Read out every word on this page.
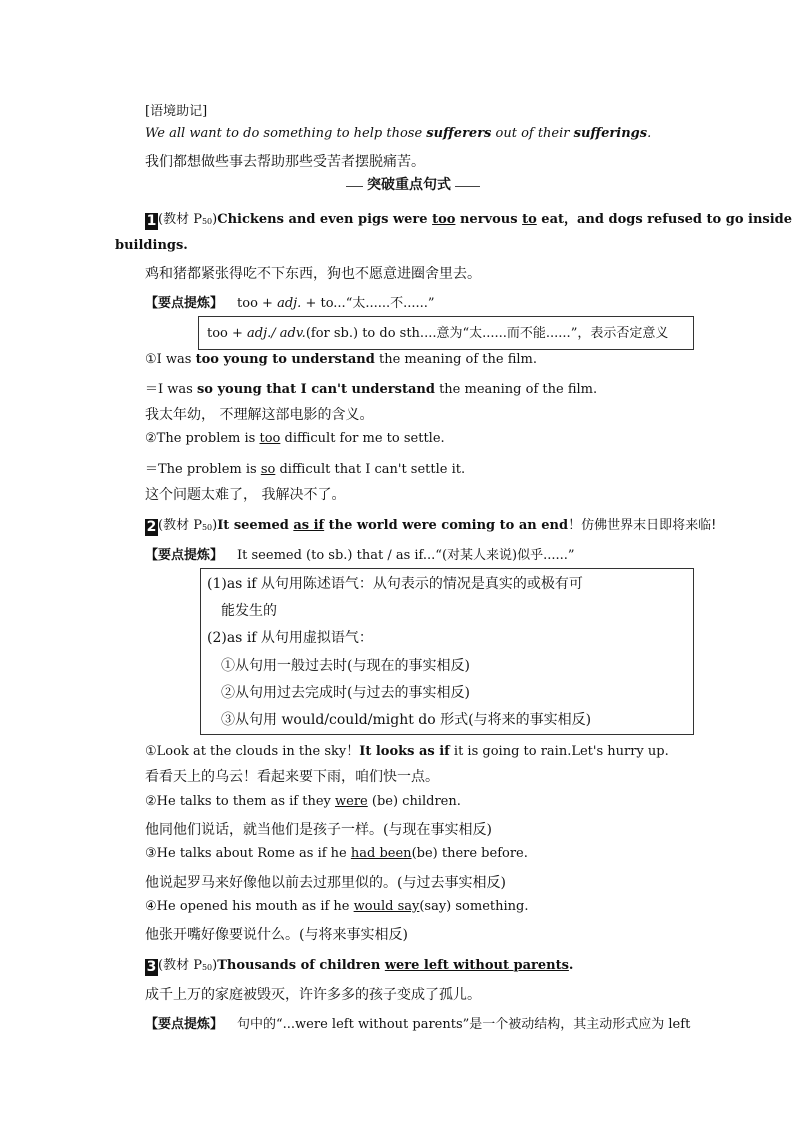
[语境助记]
We all want to do something to help those sufferers out of their sufferings.
我们都想做些事去帮助那些受苦者摆脱痛苦。
突破重点句式
1 (教材 P50)Chickens and even pigs were too nervous to eat，and dogs refused to go inside
buildings.
鸡和猪都紧张得吃不下东西，狗也不愿意进圈舍里去。
【要点提炼】 too + adj. + to...“太......不......”
too + adj./ adv.(for sb.) to do sth....意为“太......而不能......”，表示否定意义
①I was too young to understand the meaning of the film.
＝I was so young that I can't understand the meaning of the film.
我太年幼， 不理解这部电影的含义。
②The problem is too difficult for me to settle.
＝The problem is so difficult that I can't settle it.
这个问题太难了， 我解决不了。
2 (教材 P50)It seemed as if the world were coming to an end！仿佛世界末日即将来临!
【要点提炼】 It seemed (to sb.) that / as if...“(对某人来说)似乎......”
(1)as if 从句用陈述语气：从句表示的情况是真实的或极有可
能发生的
(2)as if 从句用虚拟语气：
①从句用一般过去时(与现在的事实相反)
②从句用过去完成时(与过去的事实相反)
③从句用 would/could/might do 形式(与将来的事实相反)
①Look at the clouds in the sky！It looks as if it is going to rain.Let's hurry up.
看看天上的乌云！看起来要下雨，咱们快一点。
②He talks to them as if they were (be) children.
他同他们说话，就当他们是孩子一样。(与现在事实相反)
③He talks about Rome as if he had been(be) there before.
他说起罗马来好像他以前去过那里似的。(与过去事实相反)
④He opened his mouth as if he would say(say) something.
他张开嘴好像要说什么。(与将来事实相反)
3 (教材 P50)Thousands of children were left without parents.
成千上万的家庭被毁灭，许许多多的孩子变成了孤儿。
【要点提炼】 句中的“...were left without parents”是一个被动结构，其主动形式应为 left
